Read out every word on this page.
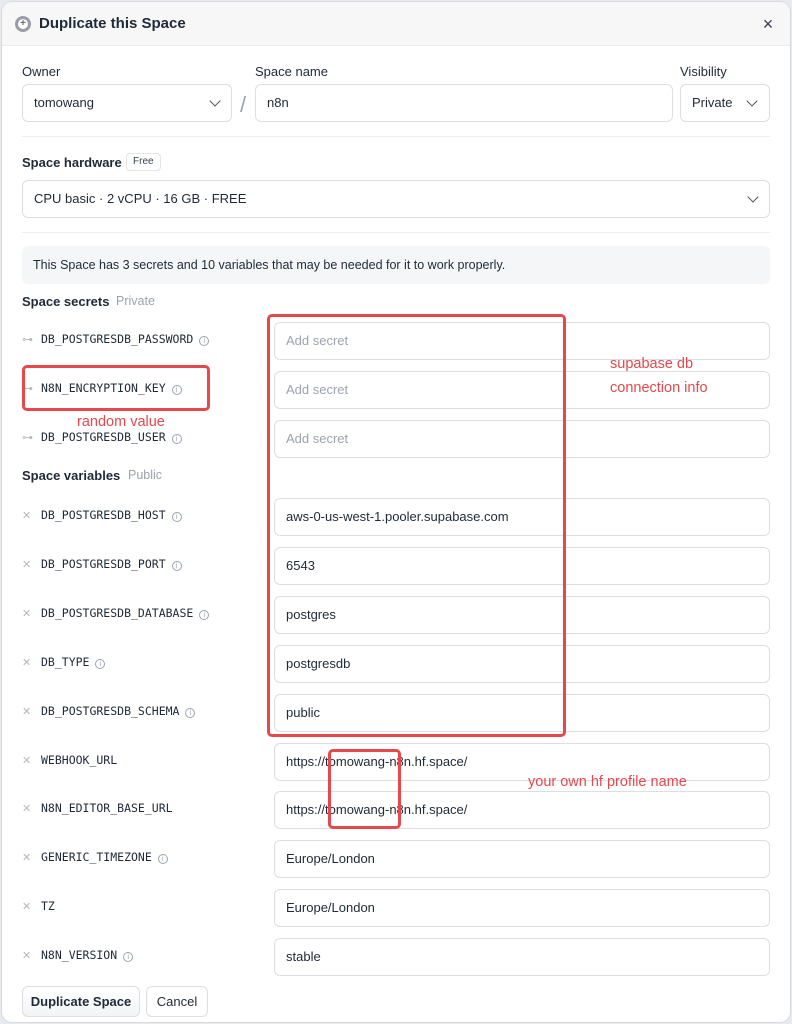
+
Duplicate this Space	×
Owner
tomowang	/
Space name
n8n
Visibility
Private
Space hardware	Free
CPU basic · 2 vCPU · 16 GB · FREE
This Space has 3 secrets and 10 variables that may be needed for it to work properly.
Space secrets Private
⊶ DB_POSTGRESDB_PASSWORD i	Add secret
⊶ N8N_ENCRYPTION_KEY i	Add secret
⊶ DB_POSTGRESDB_USER i	Add secret
Space variables Public
✕ DB_POSTGRESDB_HOST i	aws-0-us-west-1.pooler.supabase.com
✕ DB_POSTGRESDB_PORT i	6543
✕ DB_POSTGRESDB_DATABASE i	postgres
✕ DB_TYPE i	postgresdb
✕ DB_POSTGRESDB_SCHEMA i	public
✕ WEBHOOK_URL	https://tomowang-n8n.hf.space/
✕ N8N_EDITOR_BASE_URL	https://tomowang-n8n.hf.space/
✕ GENERIC_TIMEZONE i	Europe/London
✕ TZ	Europe/London
✕ N8N_VERSION i	stable
Duplicate Space	Cancel
random value
supabase db
connection info
your own hf profile name
